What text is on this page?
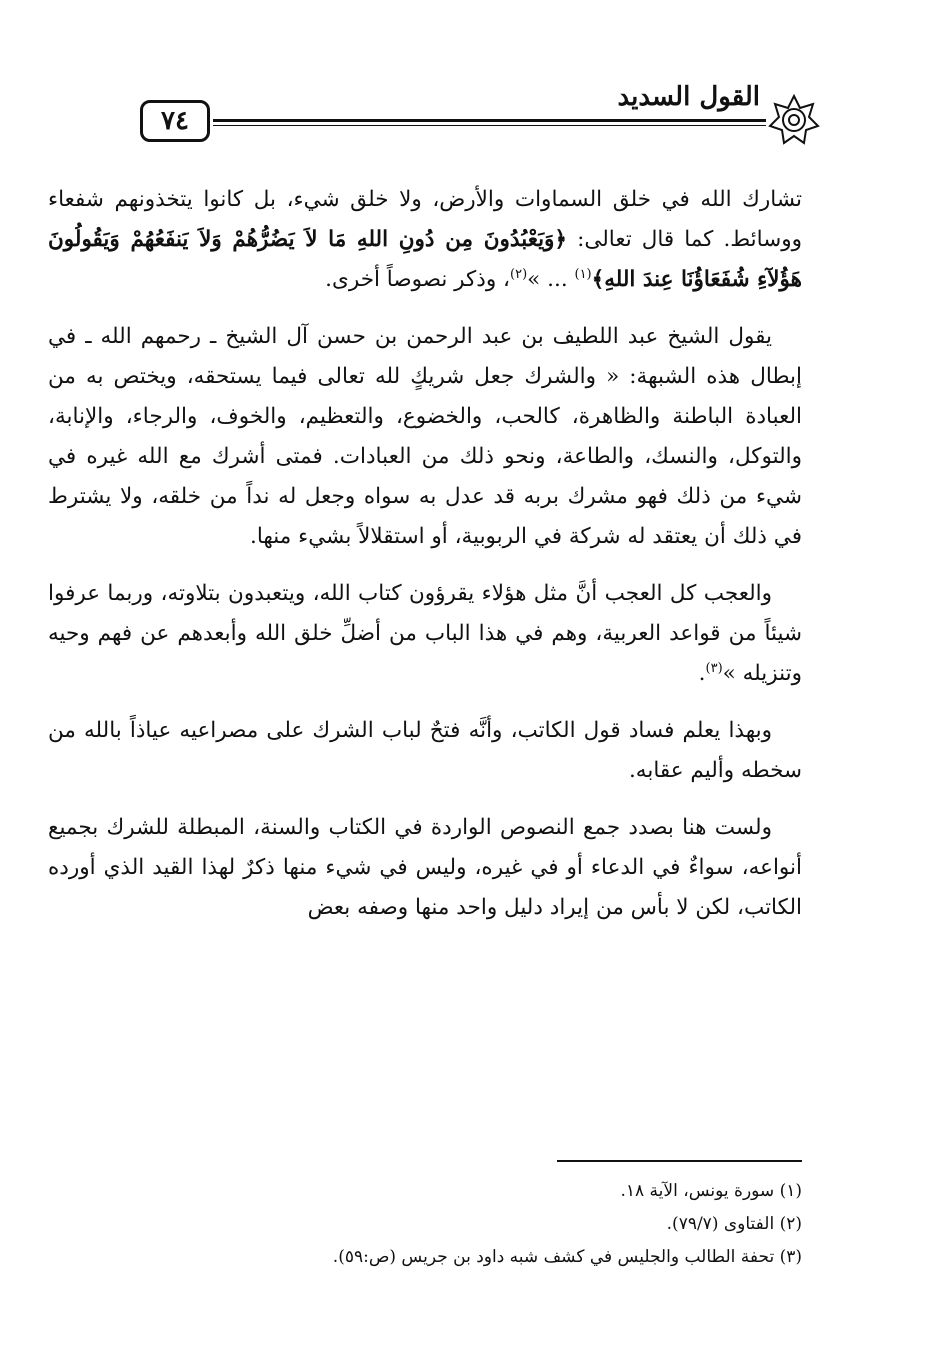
٧٤
القول السديد

تشارك الله في خلق السماوات والأرض، ولا خلق شيء، بل كانوا يتخذونهم شفعاء ووسائط. كما قال تعالى: ﴿وَيَعْبُدُونَ مِن دُونِ اللهِ مَا لاَ يَضُرُّهُمْ وَلاَ يَنفَعُهُمْ وَيَقُولُونَ هَؤُلآءِ شُفَعَاؤُنَا عِندَ اللهِ﴾$^{(١)}$ ... »$^{(٢)}$، وذكر نصوصاً أخرى.

يقول الشيخ عبد اللطيف بن عبد الرحمن بن حسن آل الشيخ ـ رحمهم الله ـ في إبطال هذه الشبهة: « والشرك جعل شريكٍ لله تعالى فيما يستحقه، ويختص به من العبادة الباطنة والظاهرة، كالحب، والخضوع، والتعظيم، والخوف، والرجاء، والإنابة، والتوكل، والنسك، والطاعة، ونحو ذلك من العبادات. فمتى أشرك مع الله غيره في شيء من ذلك فهو مشرك بربه قد عدل به سواه وجعل له نداً من خلقه، ولا يشترط في ذلك أن يعتقد له شركة في الربوبية، أو استقلالاً بشيء منها.

والعجب كل العجب أنَّ مثل هؤلاء يقرؤون كتاب الله، ويتعبدون بتلاوته، وربما عرفوا شيئاً من قواعد العربية، وهم في هذا الباب من أضلِّ خلق الله وأبعدهم عن فهم وحيه وتنزيله »$^{(٣)}$.

وبهذا يعلم فساد قول الكاتب، وأنَّه فتحٌ لباب الشرك على مصراعيه عياذاً بالله من سخطه وأليم عقابه.

ولست هنا بصدد جمع النصوص الواردة في الكتاب والسنة، المبطلة للشرك بجميع أنواعه، سواءٌ في الدعاء أو في غيره، وليس في شيء منها ذكرٌ لهذا القيد الذي أورده الكاتب، لكن لا بأس من إيراد دليل واحد منها وصفه بعض

(١) سورة يونس، الآية ١٨.
(٢) الفتاوى (٧٩/٧).
(٣) تحفة الطالب والجليس في كشف شبه داود بن جريس (ص:٥٩).
